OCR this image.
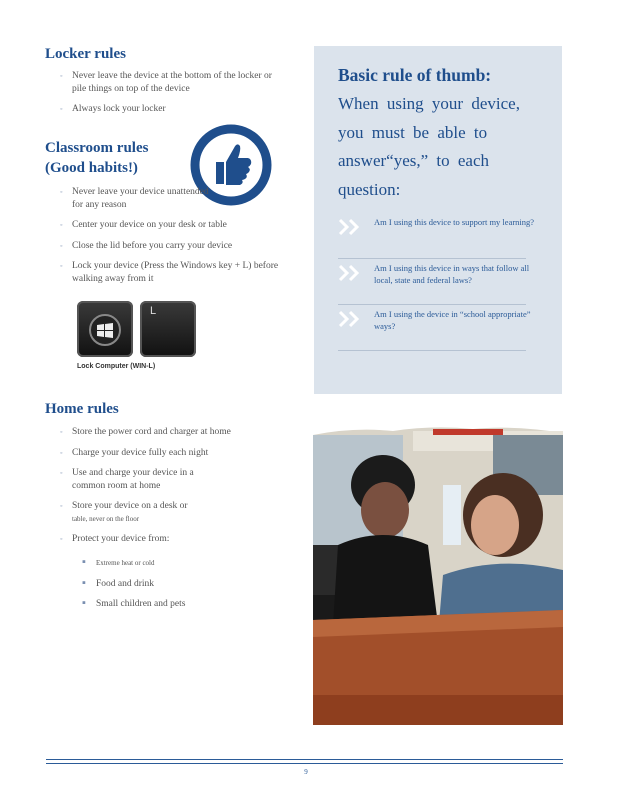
Locker rules
◦ Never leave the device at the bottom of the locker or pile things on top of the device
◦ Always lock your locker
Classroom rules
(Good habits!)
◦ Never leave your device unattended for any reason
◦ Center your device on your desk or table
◦ Close the lid before you carry your device
◦ Lock your device (Press the Windows key + L) before walking away from it
L
Lock Computer (WIN-L)
Home rules
◦ Store the power cord and charger at home
◦ Charge your device fully each night
◦ Use and charge your device in a common room at home
◦ Store your device on a desk or
table, never on the floor
◦ Protect your device from:
▪ Extreme heat or cold
▪ Food and drink
▪ Small children and pets
Basic rule of thumb:
When using your device, you must be able to answer“yes,” to each question:
Am I using this device to support my learning?
Am I using this device in ways that follow all local, state and federal laws?
Am I using the device in “school appropriate” ways?
9
